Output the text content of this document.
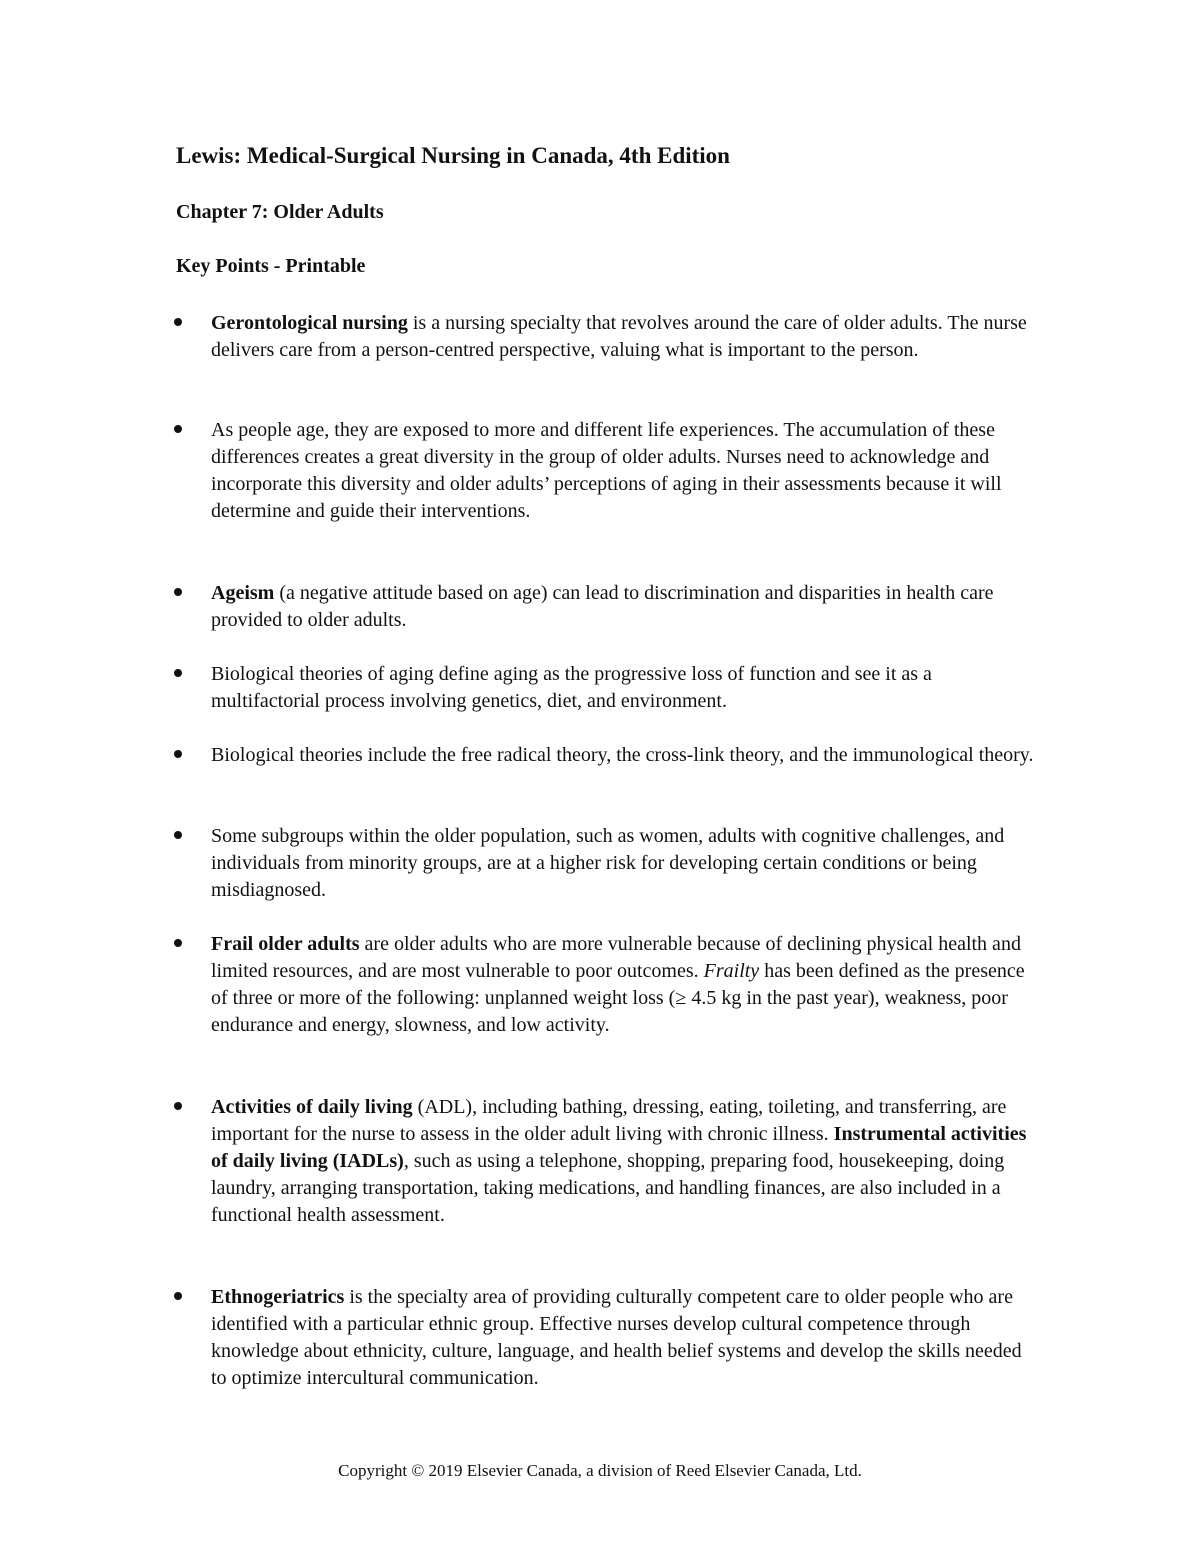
Lewis: Medical-Surgical Nursing in Canada, 4th Edition
Chapter 7: Older Adults
Key Points - Printable
Gerontological nursing is a nursing specialty that revolves around the care of older adults. The nurse delivers care from a person-centred perspective, valuing what is important to the person.
As people age, they are exposed to more and different life experiences. The accumulation of these differences creates a great diversity in the group of older adults. Nurses need to acknowledge and incorporate this diversity and older adults’ perceptions of aging in their assessments because it will determine and guide their interventions.
Ageism (a negative attitude based on age) can lead to discrimination and disparities in health care provided to older adults.
Biological theories of aging define aging as the progressive loss of function and see it as a multifactorial process involving genetics, diet, and environment.
Biological theories include the free radical theory, the cross-link theory, and the immunological theory.
Some subgroups within the older population, such as women, adults with cognitive challenges, and individuals from minority groups, are at a higher risk for developing certain conditions or being misdiagnosed.
Frail older adults are older adults who are more vulnerable because of declining physical health and limited resources, and are most vulnerable to poor outcomes. Frailty has been defined as the presence of three or more of the following: unplanned weight loss (≥ 4.5 kg in the past year), weakness, poor endurance and energy, slowness, and low activity.
Activities of daily living (ADL), including bathing, dressing, eating, toileting, and transferring, are important for the nurse to assess in the older adult living with chronic illness. Instrumental activities of daily living (IADLs), such as using a telephone, shopping, preparing food, housekeeping, doing laundry, arranging transportation, taking medications, and handling finances, are also included in a functional health assessment.
Ethnogeriatrics is the specialty area of providing culturally competent care to older people who are identified with a particular ethnic group. Effective nurses develop cultural competence through knowledge about ethnicity, culture, language, and health belief systems and develop the skills needed to optimize intercultural communication.

Copyright © 2019 Elsevier Canada, a division of Reed Elsevier Canada, Ltd.
